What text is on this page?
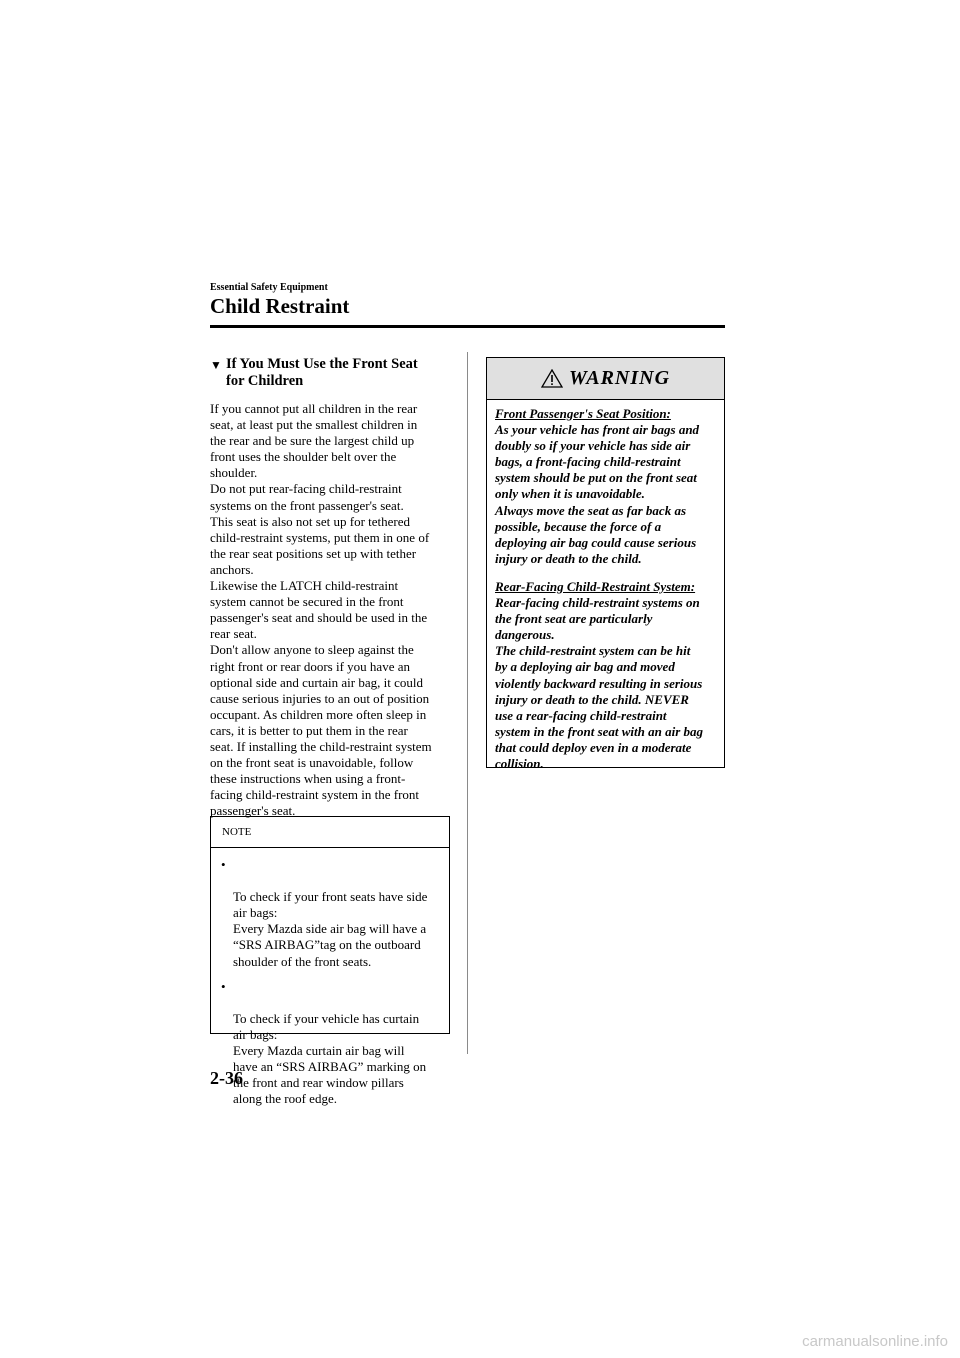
Essential Safety Equipment
Child Restraint
▼ If You Must Use the Front Seat
for Children

If you cannot put all children in the rear
seat, at least put the smallest children in
the rear and be sure the largest child up
front uses the shoulder belt over the
shoulder.
Do not put rear-facing child-restraint
systems on the front passenger's seat.
This seat is also not set up for tethered
child-restraint systems, put them in one of
the rear seat positions set up with tether
anchors.
Likewise the LATCH child-restraint
system cannot be secured in the front
passenger's seat and should be used in the
rear seat.
Don't allow anyone to sleep against the
right front or rear doors if you have an
optional side and curtain air bag, it could
cause serious injuries to an out of position
occupant. As children more often sleep in
cars, it is better to put them in the rear
seat. If installing the child-restraint system
on the front seat is unavoidable, follow
these instructions when using a front-
facing child-restraint system in the front
passenger's seat.

NOTE

•

To check if your front seats have side
air bags:
Every Mazda side air bag will have a
“SRS AIRBAG”tag on the outboard
shoulder of the front seats.

•

To check if your vehicle has curtain
air bags:
Every Mazda curtain air bag will
have an “SRS AIRBAG” marking on
the front and rear window pillars
along the roof edge.

WARNING
Front Passenger's Seat Position:
As your vehicle has front air bags and
doubly so if your vehicle has side air
bags, a front-facing child-restraint
system should be put on the front seat
only when it is unavoidable.
Always move the seat as far back as
possible, because the force of a
deploying air bag could cause serious
injury or death to the child.
Rear-Facing Child-Restraint System:
Rear-facing child-restraint systems on
the front seat are particularly
dangerous.
The child-restraint system can be hit
by a deploying air bag and moved
violently backward resulting in serious
injury or death to the child. NEVER
use a rear-facing child-restraint
system in the front seat with an air bag
that could deploy even in a moderate
collision.
2-36
carmanualsonline.info
